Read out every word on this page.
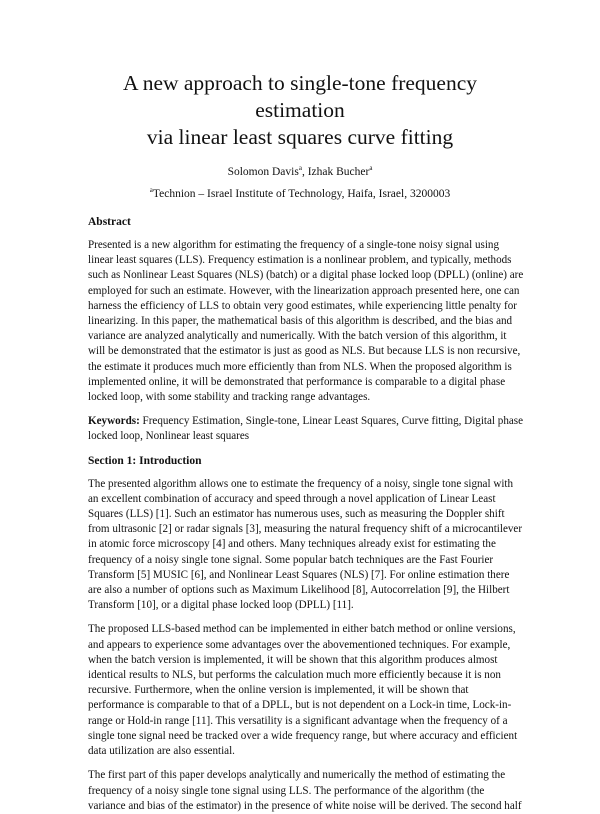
A new approach to single-tone frequency estimation
via linear least squares curve fitting
Solomon Davis$^a$, Izhak Bucher$^a$
$^a$Technion – Israel Institute of Technology, Haifa, Israel, 3200003
Abstract

Presented is a new algorithm for estimating the frequency of a single-tone noisy signal using
linear least squares (LLS). Frequency estimation is a nonlinear problem, and typically, methods
such as Nonlinear Least Squares (NLS) (batch) or a digital phase locked loop (DPLL) (online) are
employed for such an estimate. However, with the linearization approach presented here, one can
harness the efficiency of LLS to obtain very good estimates, while experiencing little penalty for
linearizing. In this paper, the mathematical basis of this algorithm is described, and the bias and
variance are analyzed analytically and numerically. With the batch version of this algorithm, it
will be demonstrated that the estimator is just as good as NLS. But because LLS is non recursive,
the estimate it produces much more efficiently than from NLS. When the proposed algorithm is
implemented online, it will be demonstrated that performance is comparable to a digital phase
locked loop, with some stability and tracking range advantages.

Keywords: Frequency Estimation, Single-tone, Linear Least Squares, Curve fitting, Digital phase
locked loop, Nonlinear least squares

Section 1: Introduction

The presented algorithm allows one to estimate the frequency of a noisy, single tone signal with
an excellent combination of accuracy and speed through a novel application of Linear Least
Squares (LLS) [1]. Such an estimator has numerous uses, such as measuring the Doppler shift
from ultrasonic [2] or radar signals [3], measuring the natural frequency shift of a microcantilever
in atomic force microscopy [4] and others. Many techniques already exist for estimating the
frequency of a noisy single tone signal. Some popular batch techniques are the Fast Fourier
Transform [5] MUSIC [6], and Nonlinear Least Squares (NLS) [7]. For online estimation there
are also a number of options such as Maximum Likelihood [8], Autocorrelation [9], the Hilbert
Transform [10], or a digital phase locked loop (DPLL) [11].

The proposed LLS-based method can be implemented in either batch method or online versions,
and appears to experience some advantages over the abovementioned techniques. For example,
when the batch version is implemented, it will be shown that this algorithm produces almost
identical results to NLS, but performs the calculation much more efficiently because it is non
recursive. Furthermore, when the online version is implemented, it will be shown that
performance is comparable to that of a DPLL, but is not dependent on a Lock-in time, Lock-in-
range or Hold-in range [11]. This versatility is a significant advantage when the frequency of a
single tone signal need be tracked over a wide frequency range, but where accuracy and efficient
data utilization are also essential.

The first part of this paper develops analytically and numerically the method of estimating the
frequency of a noisy single tone signal using LLS. The performance of the algorithm (the
variance and bias of the estimator) in the presence of white noise will be derived. The second half
